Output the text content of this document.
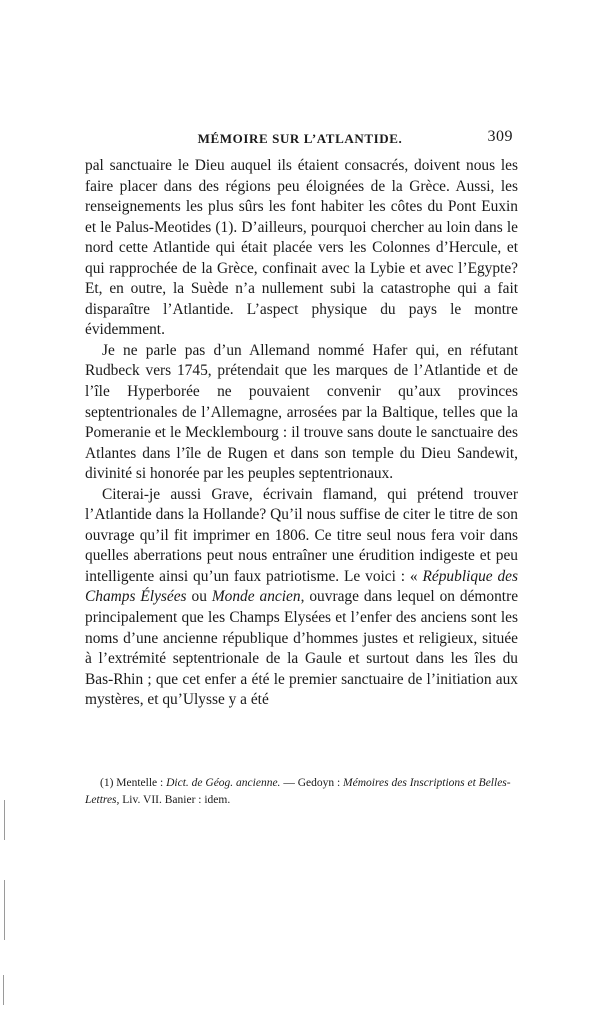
MÉMOIRE SUR L’ATLANTIDE.	309

pal sanctuaire le Dieu auquel ils étaient consacrés, doivent nous les faire placer dans des régions peu éloignées de la Grèce. Aussi, les renseignements les plus sûrs les font habiter les côtes du Pont Euxin et le Palus-Meotides (1). D’ailleurs, pourquoi chercher au loin dans le nord cette Atlantide qui était placée vers les Colonnes d’Hercule, et qui rapprochée de la Grèce, confinait avec la Lybie et avec l’Egypte? Et, en outre, la Suède n’a nullement subi la catastrophe qui a fait disparaître l’Atlantide. L’aspect physique du pays le montre évidemment.

Je ne parle pas d’un Allemand nommé Hafer qui, en réfutant Rudbeck vers 1745, prétendait que les marques de l’Atlantide et de l’île Hyperborée ne pouvaient convenir qu’aux provinces septentrionales de l’Allemagne, arrosées par la Baltique, telles que la Pomeranie et le Mecklembourg : il trouve sans doute le sanctuaire des Atlantes dans l’île de Rugen et dans son temple du Dieu Sandewit, divinité si honorée par les peuples septentrionaux.

Citerai-je aussi Grave, écrivain flamand, qui prétend trouver l’Atlantide dans la Hollande? Qu’il nous suffise de citer le titre de son ouvrage qu’il fit imprimer en 1806. Ce titre seul nous fera voir dans quelles aberrations peut nous entraîner une érudition indigeste et peu intelligente ainsi qu’un faux patriotisme. Le voici : « République des Champs Élysées ou Monde ancien, ouvrage dans lequel on démontre principalement que les Champs Elysées et l’enfer des anciens sont les noms d’une ancienne république d’hommes justes et religieux, située à l’extrémité septentrionale de la Gaule et surtout dans les îles du Bas-Rhin ; que cet enfer a été le premier sanctuaire de l’initiation aux mystères, et qu’Ulysse y a été

(1) Mentelle : Dict. de Géog. ancienne. — Gedoyn : Mémoires des Inscriptions et Belles-Lettres, Liv. VII. Banier : idem.
